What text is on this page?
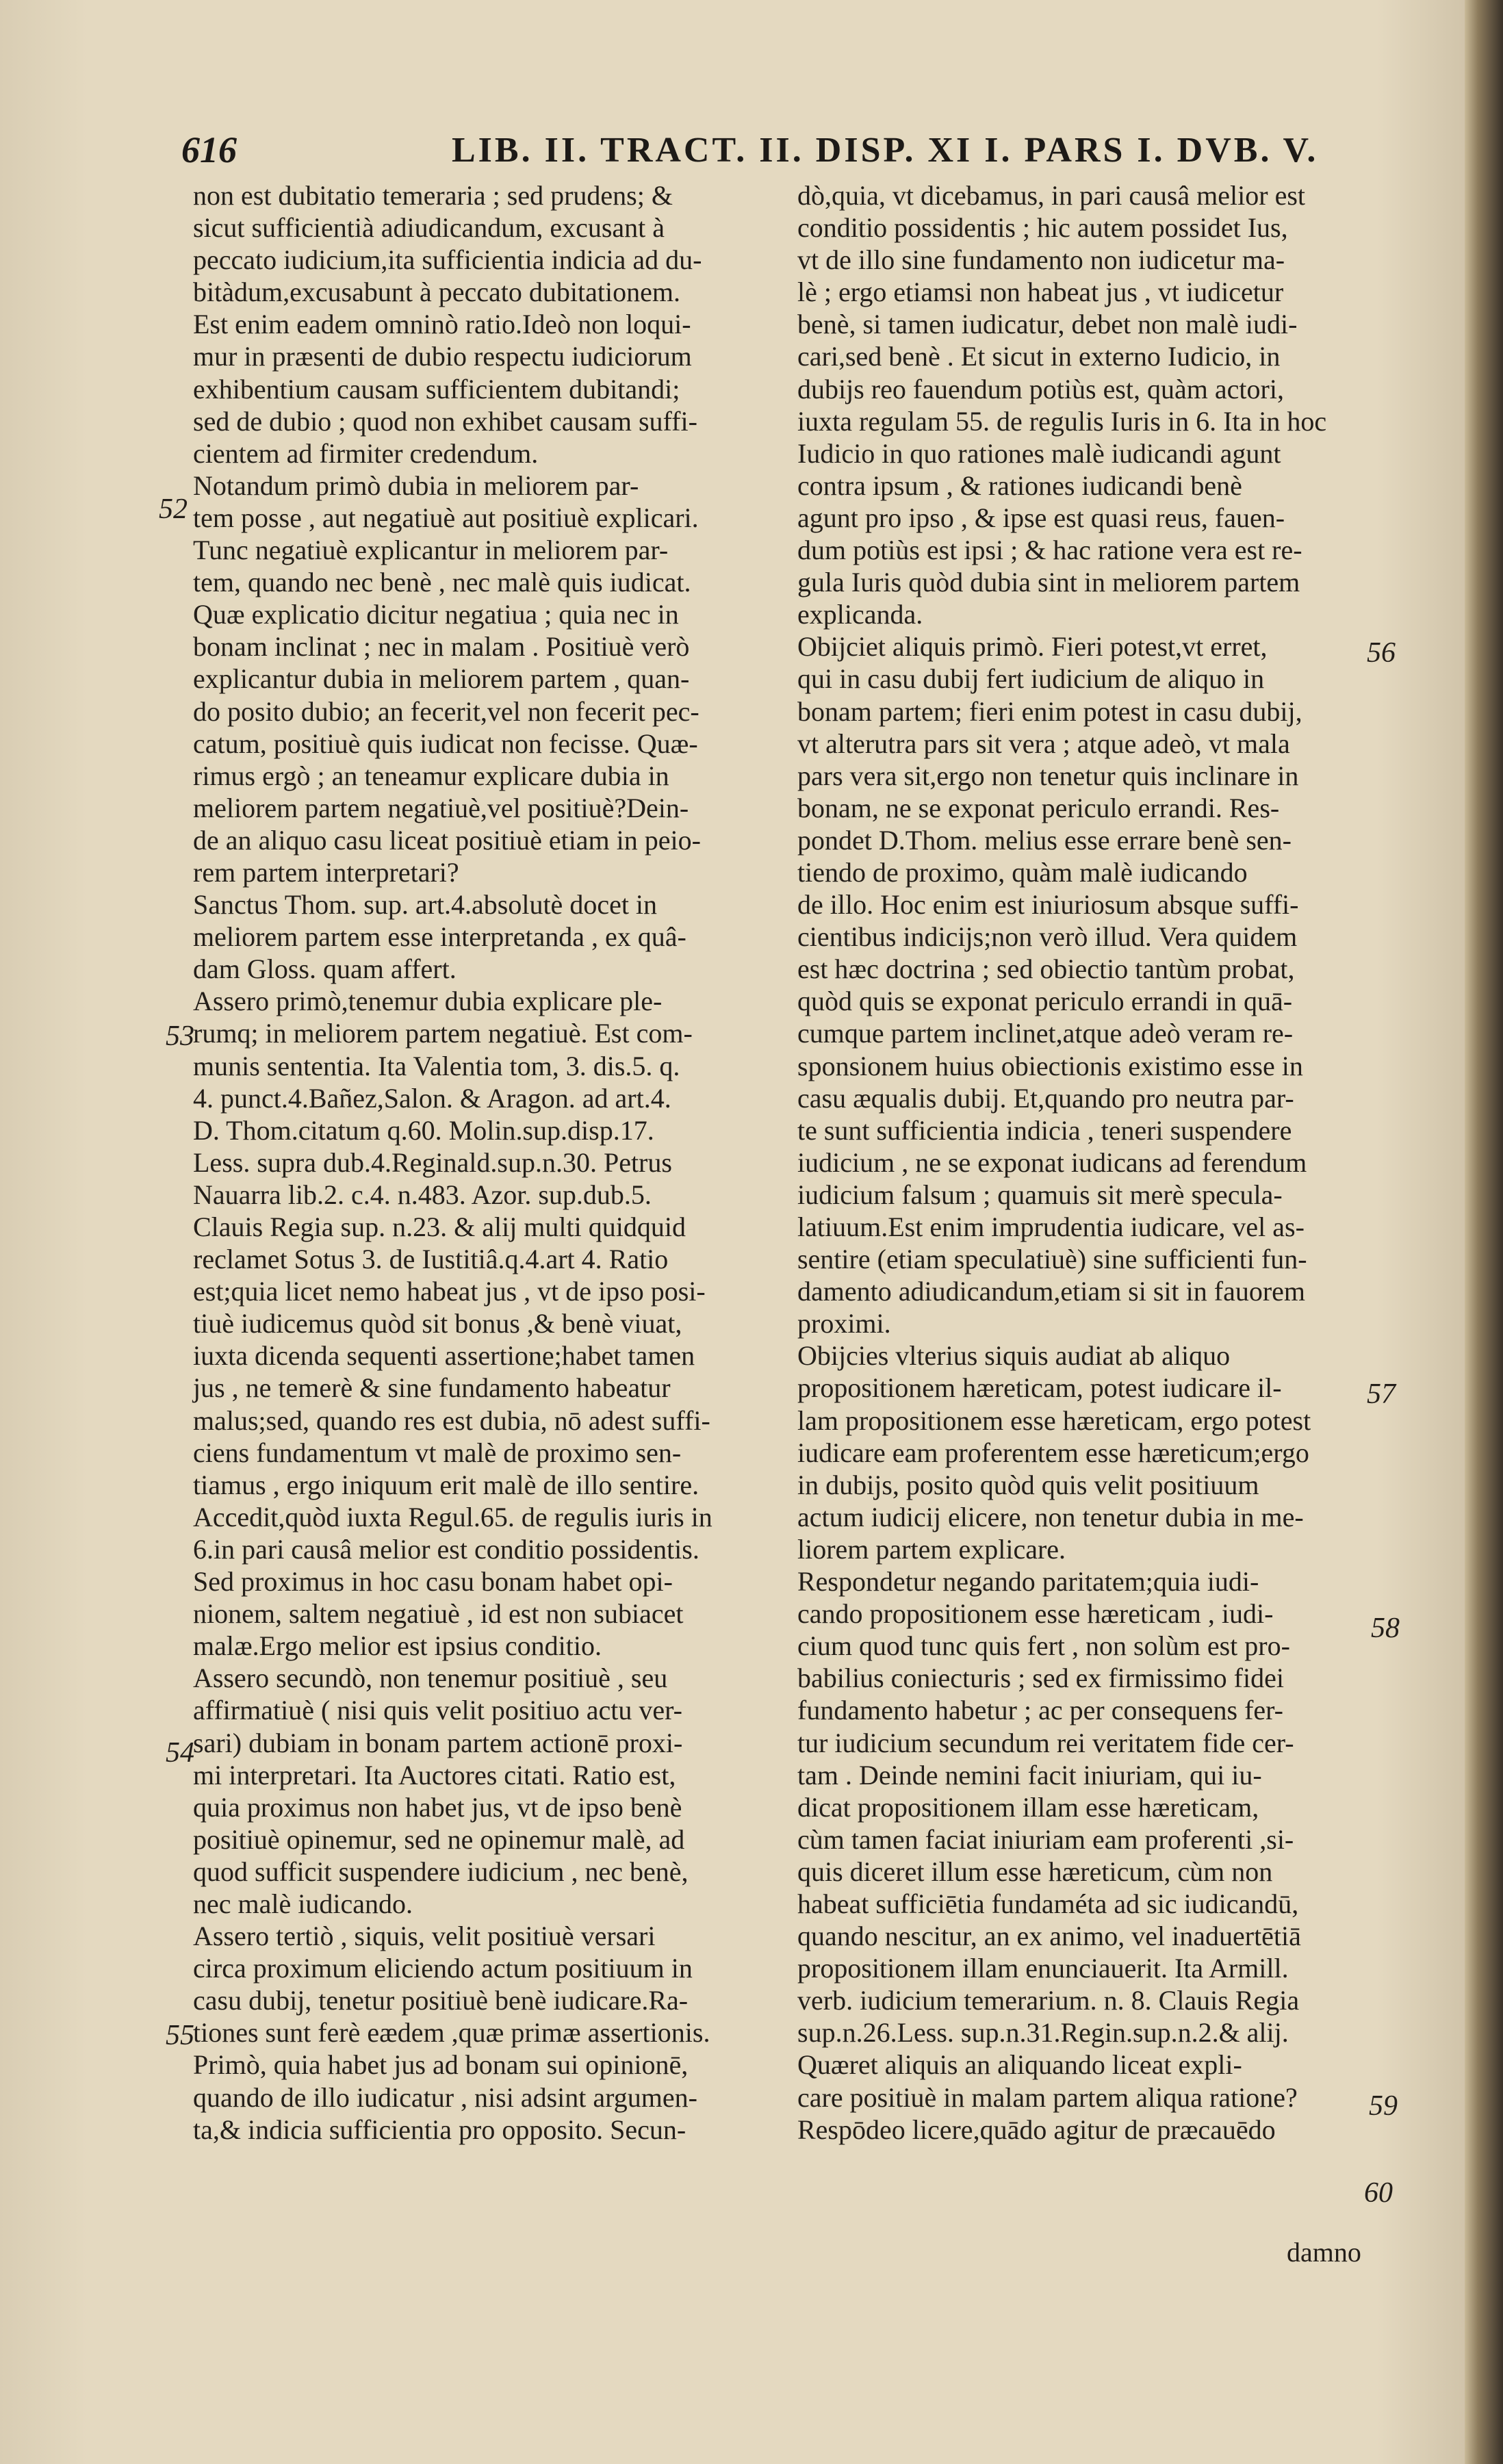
616	LIB. II. TRACT. II. DISP. XI I. PARS I. DVB. V.
non est dubitatio temeraria ; sed prudens; &
sicut sufficientià adiudicandum, excusant à
peccato iudicium,ita sufficientia indicia ad du-
bitàdum,excusabunt à peccato dubitationem.
Est enim eadem omninò ratio.Ideò non loqui-
mur in præsenti de dubio respectu iudiciorum
exhibentium causam sufficientem dubitandi;
sed de dubio ; quod non exhibet causam suffi-
cientem ad firmiter credendum.
Notandum primò dubia in meliorem par-
tem posse , aut negatiuè aut positiuè explicari.
Tunc negatiuè explicantur in meliorem par-
tem, quando nec benè , nec malè quis iudicat.
Quæ explicatio dicitur negatiua ; quia nec in
bonam inclinat ; nec in malam . Positiuè verò
explicantur dubia in meliorem partem , quan-
do posito dubio; an fecerit,vel non fecerit pec-
catum, positiuè quis iudicat non fecisse. Quæ-
rimus ergò ; an teneamur explicare dubia in
meliorem partem negatiuè,vel positiuè?Dein-
de an aliquo casu liceat positiuè etiam in peio-
rem partem interpretari?
Sanctus Thom. sup. art.4.absolutè docet in
meliorem partem esse interpretanda , ex quâ-
dam Gloss. quam affert.
Assero primò,tenemur dubia explicare ple-
rumq; in meliorem partem negatiuè. Est com-
munis sententia. Ita Valentia tom, 3. dis.5. q.
4. punct.4.Bañez,Salon. & Aragon. ad art.4.
D. Thom.citatum q.60. Molin.sup.disp.17.
Less. supra dub.4.Reginald.sup.n.30. Petrus
Nauarra lib.2. c.4. n.483. Azor. sup.dub.5.
Clauis Regia sup. n.23. & alij multi quidquid
reclamet Sotus 3. de Iustitiâ.q.4.art 4. Ratio
est;quia licet nemo habeat jus , vt de ipso posi-
tiuè iudicemus quòd sit bonus ,& benè viuat,
iuxta dicenda sequenti assertione;habet tamen
jus , ne temerè & sine fundamento habeatur
malus;sed, quando res est dubia, nō adest suffi-
ciens fundamentum vt malè de proximo sen-
tiamus , ergo iniquum erit malè de illo sentire.
Accedit,quòd iuxta Regul.65. de regulis iuris in
6.in pari causâ melior est conditio possidentis.
Sed proximus in hoc casu bonam habet opi-
nionem, saltem negatiuè , id est non subiacet
malæ.Ergo melior est ipsius conditio.
Assero secundò, non tenemur positiuè , seu
affirmatiuè ( nisi quis velit positiuo actu ver-
sari) dubiam in bonam partem actionē proxi-
mi interpretari. Ita Auctores citati. Ratio est,
quia proximus non habet jus, vt de ipso benè
positiuè opinemur, sed ne opinemur malè, ad
quod sufficit suspendere iudicium , nec benè,
nec malè iudicando.
Assero tertiò , siquis, velit positiuè versari
circa proximum eliciendo actum positiuum in
casu dubij, tenetur positiuè benè iudicare.Ra-
tiones sunt ferè eædem ,quæ primæ assertionis.
Primò, quia habet jus ad bonam sui opinionē,
quando de illo iudicatur , nisi adsint argumen-
ta,& indicia sufficientia pro opposito. Secun-
dò,quia, vt dicebamus, in pari causâ melior est
conditio possidentis ; hic autem possidet Ius,
vt de illo sine fundamento non iudicetur ma-
lè ; ergo etiamsi non habeat jus , vt iudicetur
benè, si tamen iudicatur, debet non malè iudi-
cari,sed benè . Et sicut in externo Iudicio, in
dubijs reo fauendum potiùs est, quàm actori,
iuxta regulam 55. de regulis Iuris in 6. Ita in hoc
Iudicio in quo rationes malè iudicandi agunt
contra ipsum , & rationes iudicandi benè
agunt pro ipso , & ipse est quasi reus, fauen-
dum potiùs est ipsi ; & hac ratione vera est re-
gula Iuris quòd dubia sint in meliorem partem
explicanda.
Obijciet aliquis primò. Fieri potest,vt erret,
qui in casu dubij fert iudicium de aliquo in
bonam partem; fieri enim potest in casu dubij,
vt alterutra pars sit vera ; atque adeò, vt mala
pars vera sit,ergo non tenetur quis inclinare in
bonam, ne se exponat periculo errandi. Res-
pondet D.Thom. melius esse errare benè sen-
tiendo de proximo, quàm malè iudicando
de illo. Hoc enim est iniuriosum absque suffi-
cientibus indicijs;non verò illud. Vera quidem
est hæc doctrina ; sed obiectio tantùm probat,
quòd quis se exponat periculo errandi in quā-
cumque partem inclinet,atque adeò veram re-
sponsionem huius obiectionis existimo esse in
casu æqualis dubij. Et,quando pro neutra par-
te sunt sufficientia indicia , teneri suspendere
iudicium , ne se exponat iudicans ad ferendum
iudicium falsum ; quamuis sit merè specula-
latiuum.Est enim imprudentia iudicare, vel as-
sentire (etiam speculatiuè) sine sufficienti fun-
damento adiudicandum,etiam si sit in fauorem
proximi.
Obijcies vlterius siquis audiat ab aliquo
propositionem hæreticam, potest iudicare il-
lam propositionem esse hæreticam, ergo potest
iudicare eam proferentem esse hæreticum;ergo
in dubijs, posito quòd quis velit positiuum
actum iudicij elicere, non tenetur dubia in me-
liorem partem explicare.
Respondetur negando paritatem;quia iudi-
cando propositionem esse hæreticam , iudi-
cium quod tunc quis fert , non solùm est pro-
babilius coniecturis ; sed ex firmissimo fidei
fundamento habetur ; ac per consequens fer-
tur iudicium secundum rei veritatem fide cer-
tam . Deinde nemini facit iniuriam, qui iu-
dicat propositionem illam esse hæreticam,
cùm tamen faciat iniuriam eam proferenti ,si-
quis diceret illum esse hæreticum, cùm non
habeat sufficiētia fundaméta ad sic iudicandū,
quando nescitur, an ex animo, vel inaduertētiā
propositionem illam enunciauerit. Ita Armill.
verb. iudicium temerarium. n. 8. Clauis Regia
sup.n.26.Less. sup.n.31.Regin.sup.n.2.& alij.
Quæret aliquis an aliquando liceat expli-
care positiuè in malam partem aliqua ratione?
Respōdeo licere,quādo agitur de præcauēdo
52
53
54
55
56
57
58
59
60
damno
